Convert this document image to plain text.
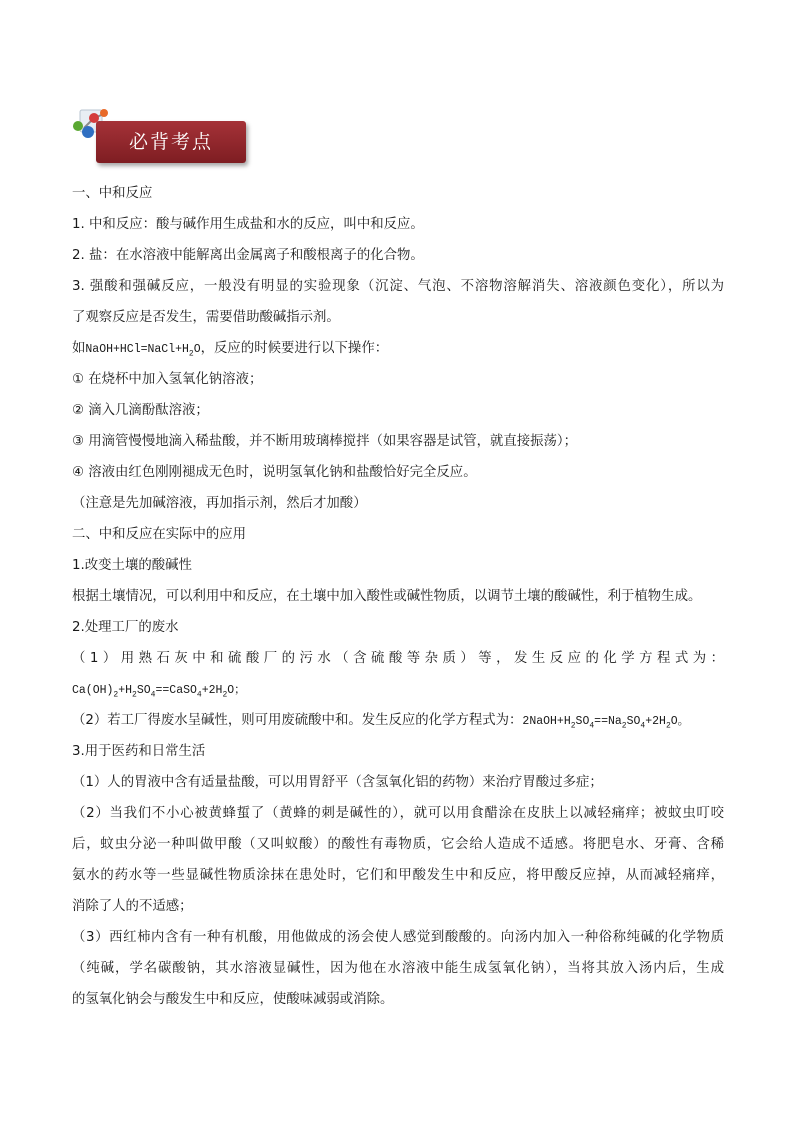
必背考点
一、中和反应
1. 中和反应：酸与碱作用生成盐和水的反应，叫中和反应。
2. 盐：在水溶液中能解离出金属离子和酸根离子的化合物。
3. 强酸和强碱反应，一般没有明显的实验现象（沉淀、气泡、不溶物溶解消失、溶液颜色变化），所以为
了观察反应是否发生，需要借助酸碱指示剂。
如$NaOH+HCl=NaCl+H_2O$，反应的时候要进行以下操作：
① 在烧杯中加入氢氧化钠溶液；
② 滴入几滴酚酞溶液；
③ 用滴管慢慢地滴入稀盐酸，并不断用玻璃棒搅拌（如果容器是试管，就直接振荡）；
④ 溶液由红色刚刚褪成无色时，说明氢氧化钠和盐酸恰好完全反应。
（注意是先加碱溶液，再加指示剂，然后才加酸）
二、中和反应在实际中的应用
1.改变土壤的酸碱性
根据土壤情况，可以利用中和反应，在土壤中加入酸性或碱性物质，以调节土壤的酸碱性，利于植物生成。
2.处理工厂的废水
（1）用熟石灰中和硫酸厂的污水（含硫酸等杂质）等，发生反应的化学方程式为：
$Ca(OH)_2+H_2SO_4==CaSO_4+2H_2O$；
（2）若工厂得废水呈碱性，则可用废硫酸中和。发生反应的化学方程式为：$2NaOH+H_2SO_4==Na_2SO_4+2H_2O$。
3.用于医药和日常生活
（1）人的胃液中含有适量盐酸，可以用胃舒平（含氢氧化铝的药物）来治疗胃酸过多症；
（2）当我们不小心被黄蜂蜇了（黄蜂的刺是碱性的），就可以用食醋涂在皮肤上以减轻痛痒；被蚊虫叮咬
后，蚊虫分泌一种叫做甲酸（又叫蚁酸）的酸性有毒物质，它会给人造成不适感。将肥皂水、牙膏、含稀
氨水的药水等一些显碱性物质涂抹在患处时，它们和甲酸发生中和反应，将甲酸反应掉，从而减轻痛痒，
消除了人的不适感；
（3）西红柿内含有一种有机酸，用他做成的汤会使人感觉到酸酸的。向汤内加入一种俗称纯碱的化学物质
（纯碱，学名碳酸钠，其水溶液显碱性，因为他在水溶液中能生成氢氧化钠），当将其放入汤内后，生成
的氢氧化钠会与酸发生中和反应，使酸味减弱或消除。
